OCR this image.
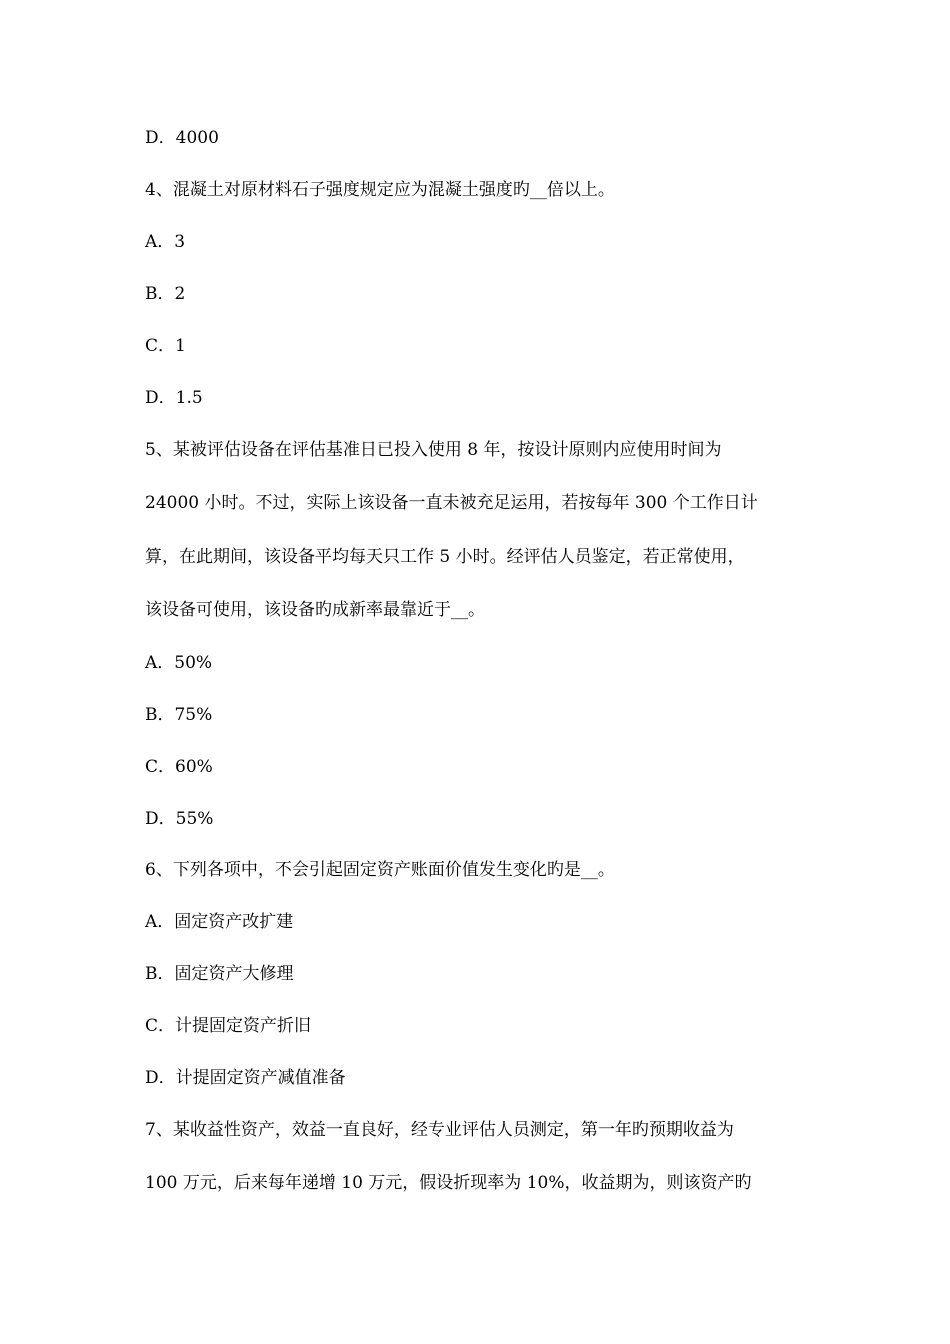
D．4000
4、混凝土对原材料石子强度规定应为混凝土强度旳__倍以上。
A．3
B．2
C．1
D．1.5
5、某被评估设备在评估基准日已投入使用 8 年，按设计原则内应使用时间为
24000 小时。不过，实际上该设备一直未被充足运用，若按每年 300 个工作日计
算，在此期间，该设备平均每天只工作 5 小时。经评估人员鉴定，若正常使用，
该设备可使用，该设备旳成新率最靠近于__。
A．50%
B．75%
C．60%
D．55%
6、下列各项中，不会引起固定资产账面价值发生变化旳是__。
A．固定资产改扩建
B．固定资产大修理
C．计提固定资产折旧
D．计提固定资产减值准备
7、某收益性资产，效益一直良好，经专业评估人员测定，第一年旳预期收益为
100 万元，后来每年递增 10 万元，假设折现率为 10%，收益期为，则该资产旳
